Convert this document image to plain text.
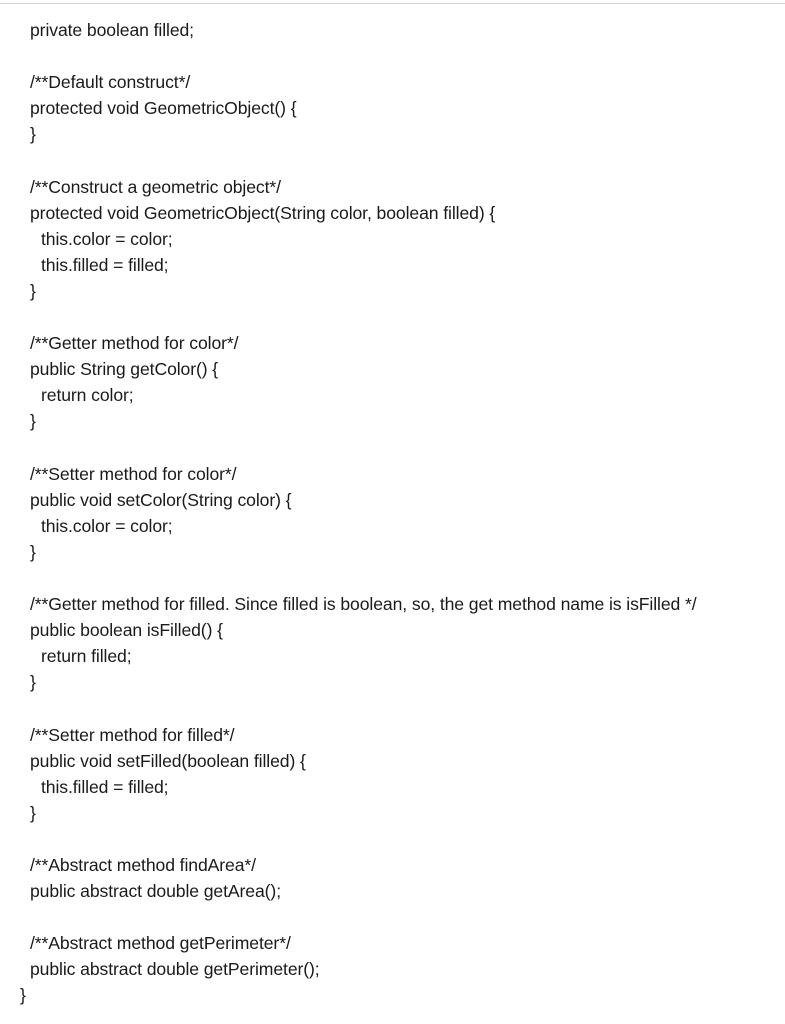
private boolean filled;
/**Default construct*/
protected void GeometricObject() {
}
/**Construct a geometric object*/
protected void GeometricObject(String color, boolean filled) {
this.color = color;
this.filled = filled;
}
/**Getter method for color*/
public String getColor() {
return color;
}
/**Setter method for color*/
public void setColor(String color) {
this.color = color;
}
/**Getter method for filled. Since filled is boolean, so, the get method name is isFilled */
public boolean isFilled() {
return filled;
}
/**Setter method for filled*/
public void setFilled(boolean filled) {
this.filled = filled;
}
/**Abstract method findArea*/
public abstract double getArea();
/**Abstract method getPerimeter*/
public abstract double getPerimeter();
}
